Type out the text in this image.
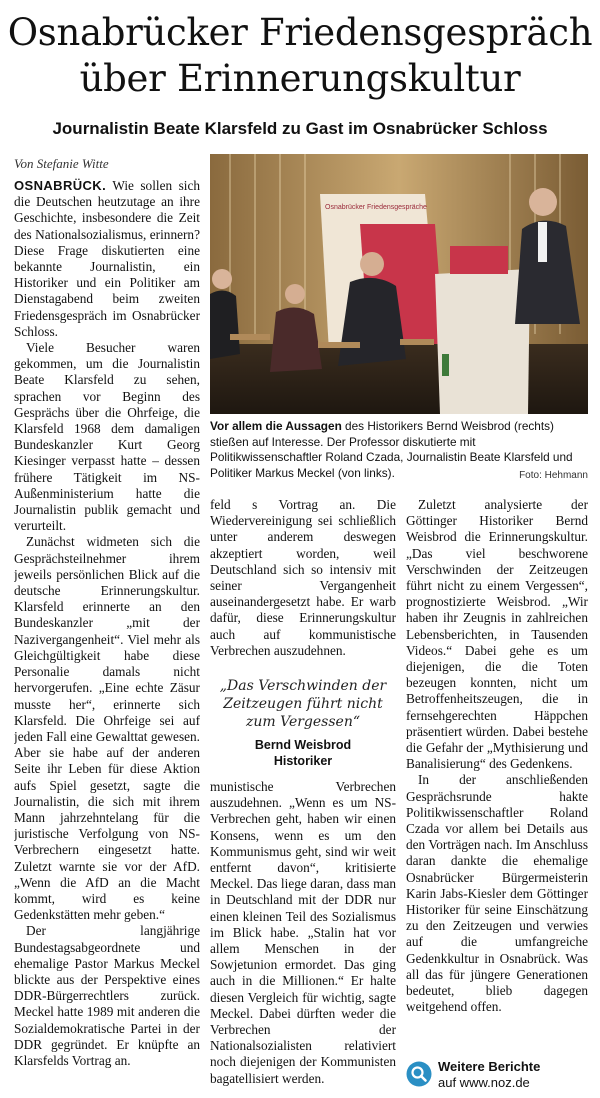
Osnabrücker Friedensgespräch
über Erinnerungskultur
Journalistin Beate Klarsfeld zu Gast im Osnabrücker Schloss
Von Stefanie Witte

OSNABRÜCK. Wie sollen sich die Deutschen heutzutage an ihre Geschichte, insbesondere die Zeit des Nationalsozialismus, erinnern? Diese Frage diskutierten eine bekannte Journalistin, ein Historiker und ein Politiker am Dienstagabend beim zweiten Friedensgespräch im Osnabrücker Schloss.

Viele Besucher waren gekommen, um die Journalistin Beate Klarsfeld zu sehen, sprachen vor Beginn des Gesprächs über die Ohrfeige, die Klarsfeld 1968 dem damaligen Bundeskanzler Kurt Georg Kiesinger verpasst hatte – dessen frühere Tätigkeit im NS-Außenministerium hatte die Journalistin publik gemacht und verurteilt.

Zunächst widmeten sich die Gesprächsteilnehmer ihrem jeweils persönlichen Blick auf die deutsche Erinnerungskultur. Klarsfeld erinnerte an den Bundeskanzler „mit der Nazivergangenheit“. Viel mehr als Gleichgültigkeit habe diese Personalie damals nicht hervorgerufen. „Eine echte Zäsur musste her“, erinnerte sich Klarsfeld. Die Ohrfeige sei auf jeden Fall eine Gewalttat gewesen. Aber sie habe auf der anderen Seite ihr Leben für diese Aktion aufs Spiel gesetzt, sagte die Journalistin, die sich mit ihrem Mann jahrzehntelang für die juristische Verfolgung von NS-Verbrechern eingesetzt hatte. Zuletzt warnte sie vor der AfD. „Wenn die AfD an die Macht kommt, wird es keine Gedenkstätten mehr geben.“

Der langjährige Bundestagsabgeordnete und ehemalige Pastor Markus Meckel blickte aus der Perspektive eines DDR-Bürgerrechtlers zurück. Meckel hatte 1989 mit anderen die Sozialdemokratische Partei in der DDR gegründet. Er knüpfte an Klarsfelds Vortrag an.

Osnabrücker Friedensgespräche
Vor allem die Aussagen des Historikers Bernd Weisbrod (rechts) stießen auf Interesse. Der Professor diskutierte mit Politikwissenschaftler Roland Czada, Journalistin Beate Klarsfeld und Politiker Markus Meckel (von links).	Foto: Hehmann

feld s Vortrag an. Die Wiedervereinigung sei schließlich unter anderem deswegen akzeptiert worden, weil Deutschland sich so intensiv mit seiner Vergangenheit auseinandergesetzt habe. Er warb dafür, diese Erinnerungskultur auch auf kommunistische Verbrechen auszudehnen.

„Das Verschwinden der Zeitzeugen führt nicht zum Vergessen“
Bernd Weisbrod
Historiker

munistische Verbrechen auszudehnen. „Wenn es um NS-Verbrechen geht, haben wir einen Konsens, wenn es um den Kommunismus geht, sind wir weit entfernt davon“, kritisierte Meckel. Das liege daran, dass man in Deutschland mit der DDR nur einen kleinen Teil des Sozialismus im Blick habe. „Stalin hat vor allem Menschen in der Sowjetunion ermordet. Das ging auch in die Millionen.“ Er halte diesen Vergleich für wichtig, sagte Meckel. Dabei dürften weder die Verbrechen der Nationalsozialisten relativiert noch diejenigen der Kommunisten bagatellisiert werden.

Zuletzt analysierte der Göttinger Historiker Bernd Weisbrod die Erinnerungskultur. „Das viel beschworene Verschwinden der Zeitzeugen führt nicht zu einem Vergessen“, prognostizierte Weisbrod. „Wir haben ihr Zeugnis in zahlreichen Lebensberichten, in Tausenden Videos.“ Dabei gehe es um diejenigen, die die Toten bezeugen konnten, nicht um Betroffenheitszeugen, die in fernsehgerechten Häppchen präsentiert würden. Dabei bestehe die Gefahr der „Mythisierung und Banalisierung“ des Gedenkens.

In der anschließenden Gesprächsrunde hakte Politikwissenschaftler Roland Czada vor allem bei Details aus den Vorträgen nach. Im Anschluss daran dankte die ehemalige Osnabrücker Bürgermeisterin Karin Jabs-Kiesler dem Göttinger Historiker für seine Einschätzung zu den Zeitzeugen und verwies auf die umfangreiche Gedenkkultur in Osnabrück. Was all das für jüngere Generationen bedeutet, blieb dagegen weitgehend offen.

Weitere Berichte
auf www.noz.de
